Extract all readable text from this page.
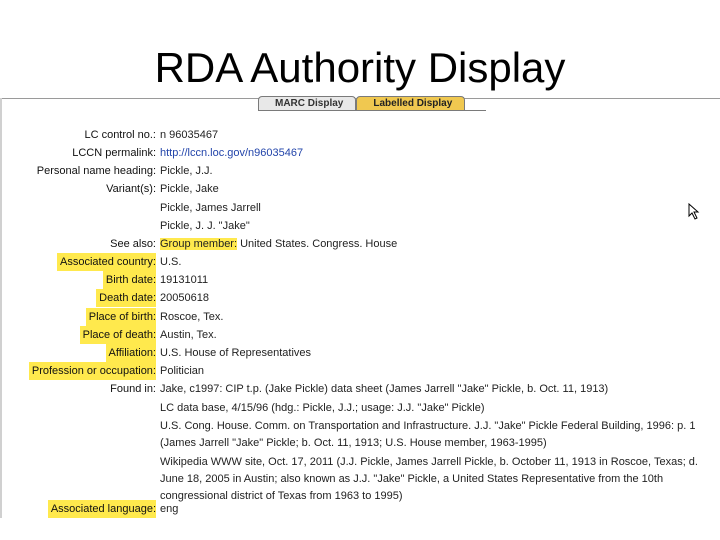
RDA Authority Display
MARC Display	Labelled Display
LC control no.: n 96035467
LCCN permalink: http://lccn.loc.gov/n96035467
Personal name heading: Pickle, J.J.
Variant(s): Pickle, Jake
Pickle, James Jarrell
Pickle, J. J. "Jake"
See also: Group member: United States. Congress. House
Associated country: U.S.
Birth date: 19131011
Death date: 20050618
Place of birth: Roscoe, Tex.
Place of death: Austin, Tex.
Affiliation: U.S. House of Representatives
Profession or occupation: Politician
Found in: Jake, c1997: CIP t.p. (Jake Pickle) data sheet (James Jarrell "Jake" Pickle, b. Oct. 11, 1913)
LC data base, 4/15/96 (hdg.: Pickle, J.J.; usage: J.J. "Jake" Pickle)
U.S. Cong. House. Comm. on Transportation and Infrastructure. J.J. "Jake" Pickle Federal Building, 1996: p. 1
(James Jarrell "Jake" Pickle; b. Oct. 11, 1913; U.S. House member, 1963-1995)
Wikipedia WWW site, Oct. 17, 2011 (J.J. Pickle, James Jarrell Pickle, b. October 11, 1913 in Roscoe, Texas; d.
June 18, 2005 in Austin; also known as J.J. "Jake" Pickle, a United States Representative from the 10th
congressional district of Texas from 1963 to 1995)
Associated language: eng
